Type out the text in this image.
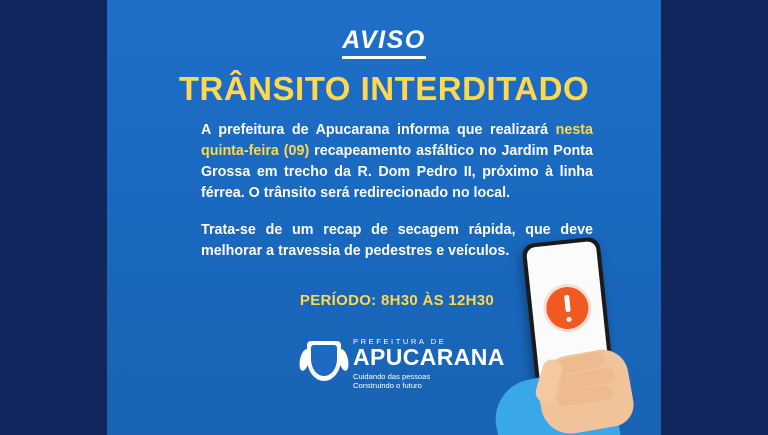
AVISO
TRÂNSITO INTERDITADO

A prefeitura de Apucarana informa que realizará nesta quinta-feira (09) recapeamento asfáltico no Jardim Ponta Grossa em trecho da R. Dom Pedro II, próximo à linha férrea. O trânsito será redirecionado no local.

Trata-se de um recap de secagem rápida, que deve melhorar a travessia de pedestres e veículos.

PERÍODO: 8H30 ÀS 12H30
PREFEITURA DE
APUCARANA
Cuidando das pessoas
Construindo o futuro
